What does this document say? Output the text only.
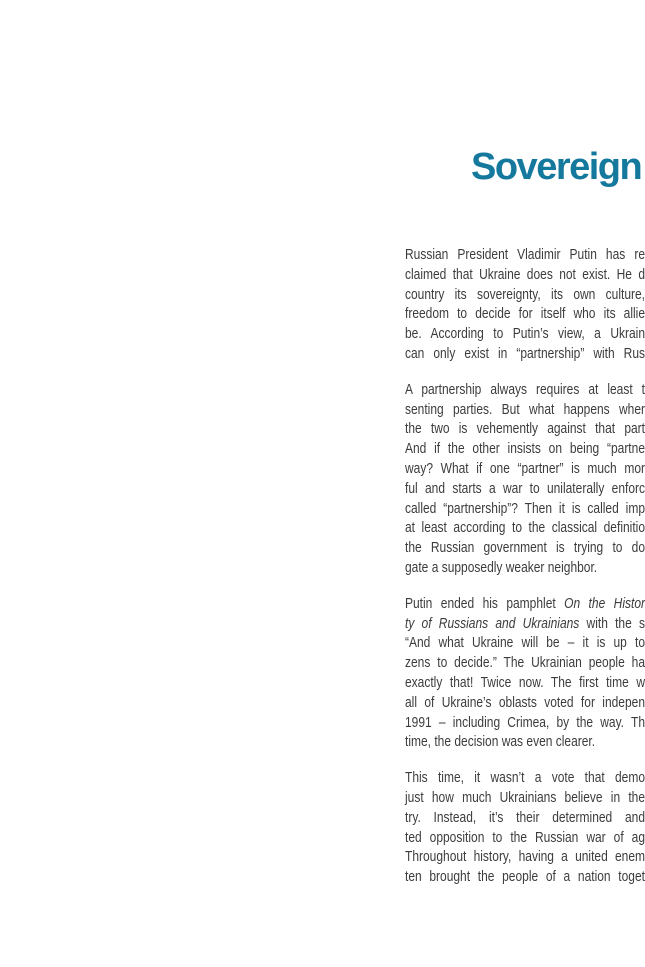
Sovereign
Russian President Vladimir Putin has re
claimed that Ukraine does not exist. He d
country its sovereignty, its own culture,
freedom to decide for itself who its allie
be. According to Putin’s view, a Ukrain
can only exist in “partnership” with Rus
A partnership always requires at least t
senting parties. But what happens wher
the two is vehemently against that part
And if the other insists on being “partne
way? What if one “partner” is much mor
ful and starts a war to unilaterally enforc
called “partnership”? Then it is called imp
at least according to the classical definitio
the Russian government is trying to do
gate a supposedly weaker neighbor.
Putin ended his pamphlet On the Histor
ty of Russians and Ukrainians with the s
“And what Ukraine will be – it is up to
zens to decide.” The Ukrainian people ha
exactly that! Twice now. The first time w
all of Ukraine’s oblasts voted for indepen
1991 – including Crimea, by the way. Th
time, the decision was even clearer.
This time, it wasn’t a vote that demo
just how much Ukrainians believe in the
try. Instead, it’s their determined and
ted opposition to the Russian war of ag
Throughout history, having a united enem
ten brought the people of a nation toget
